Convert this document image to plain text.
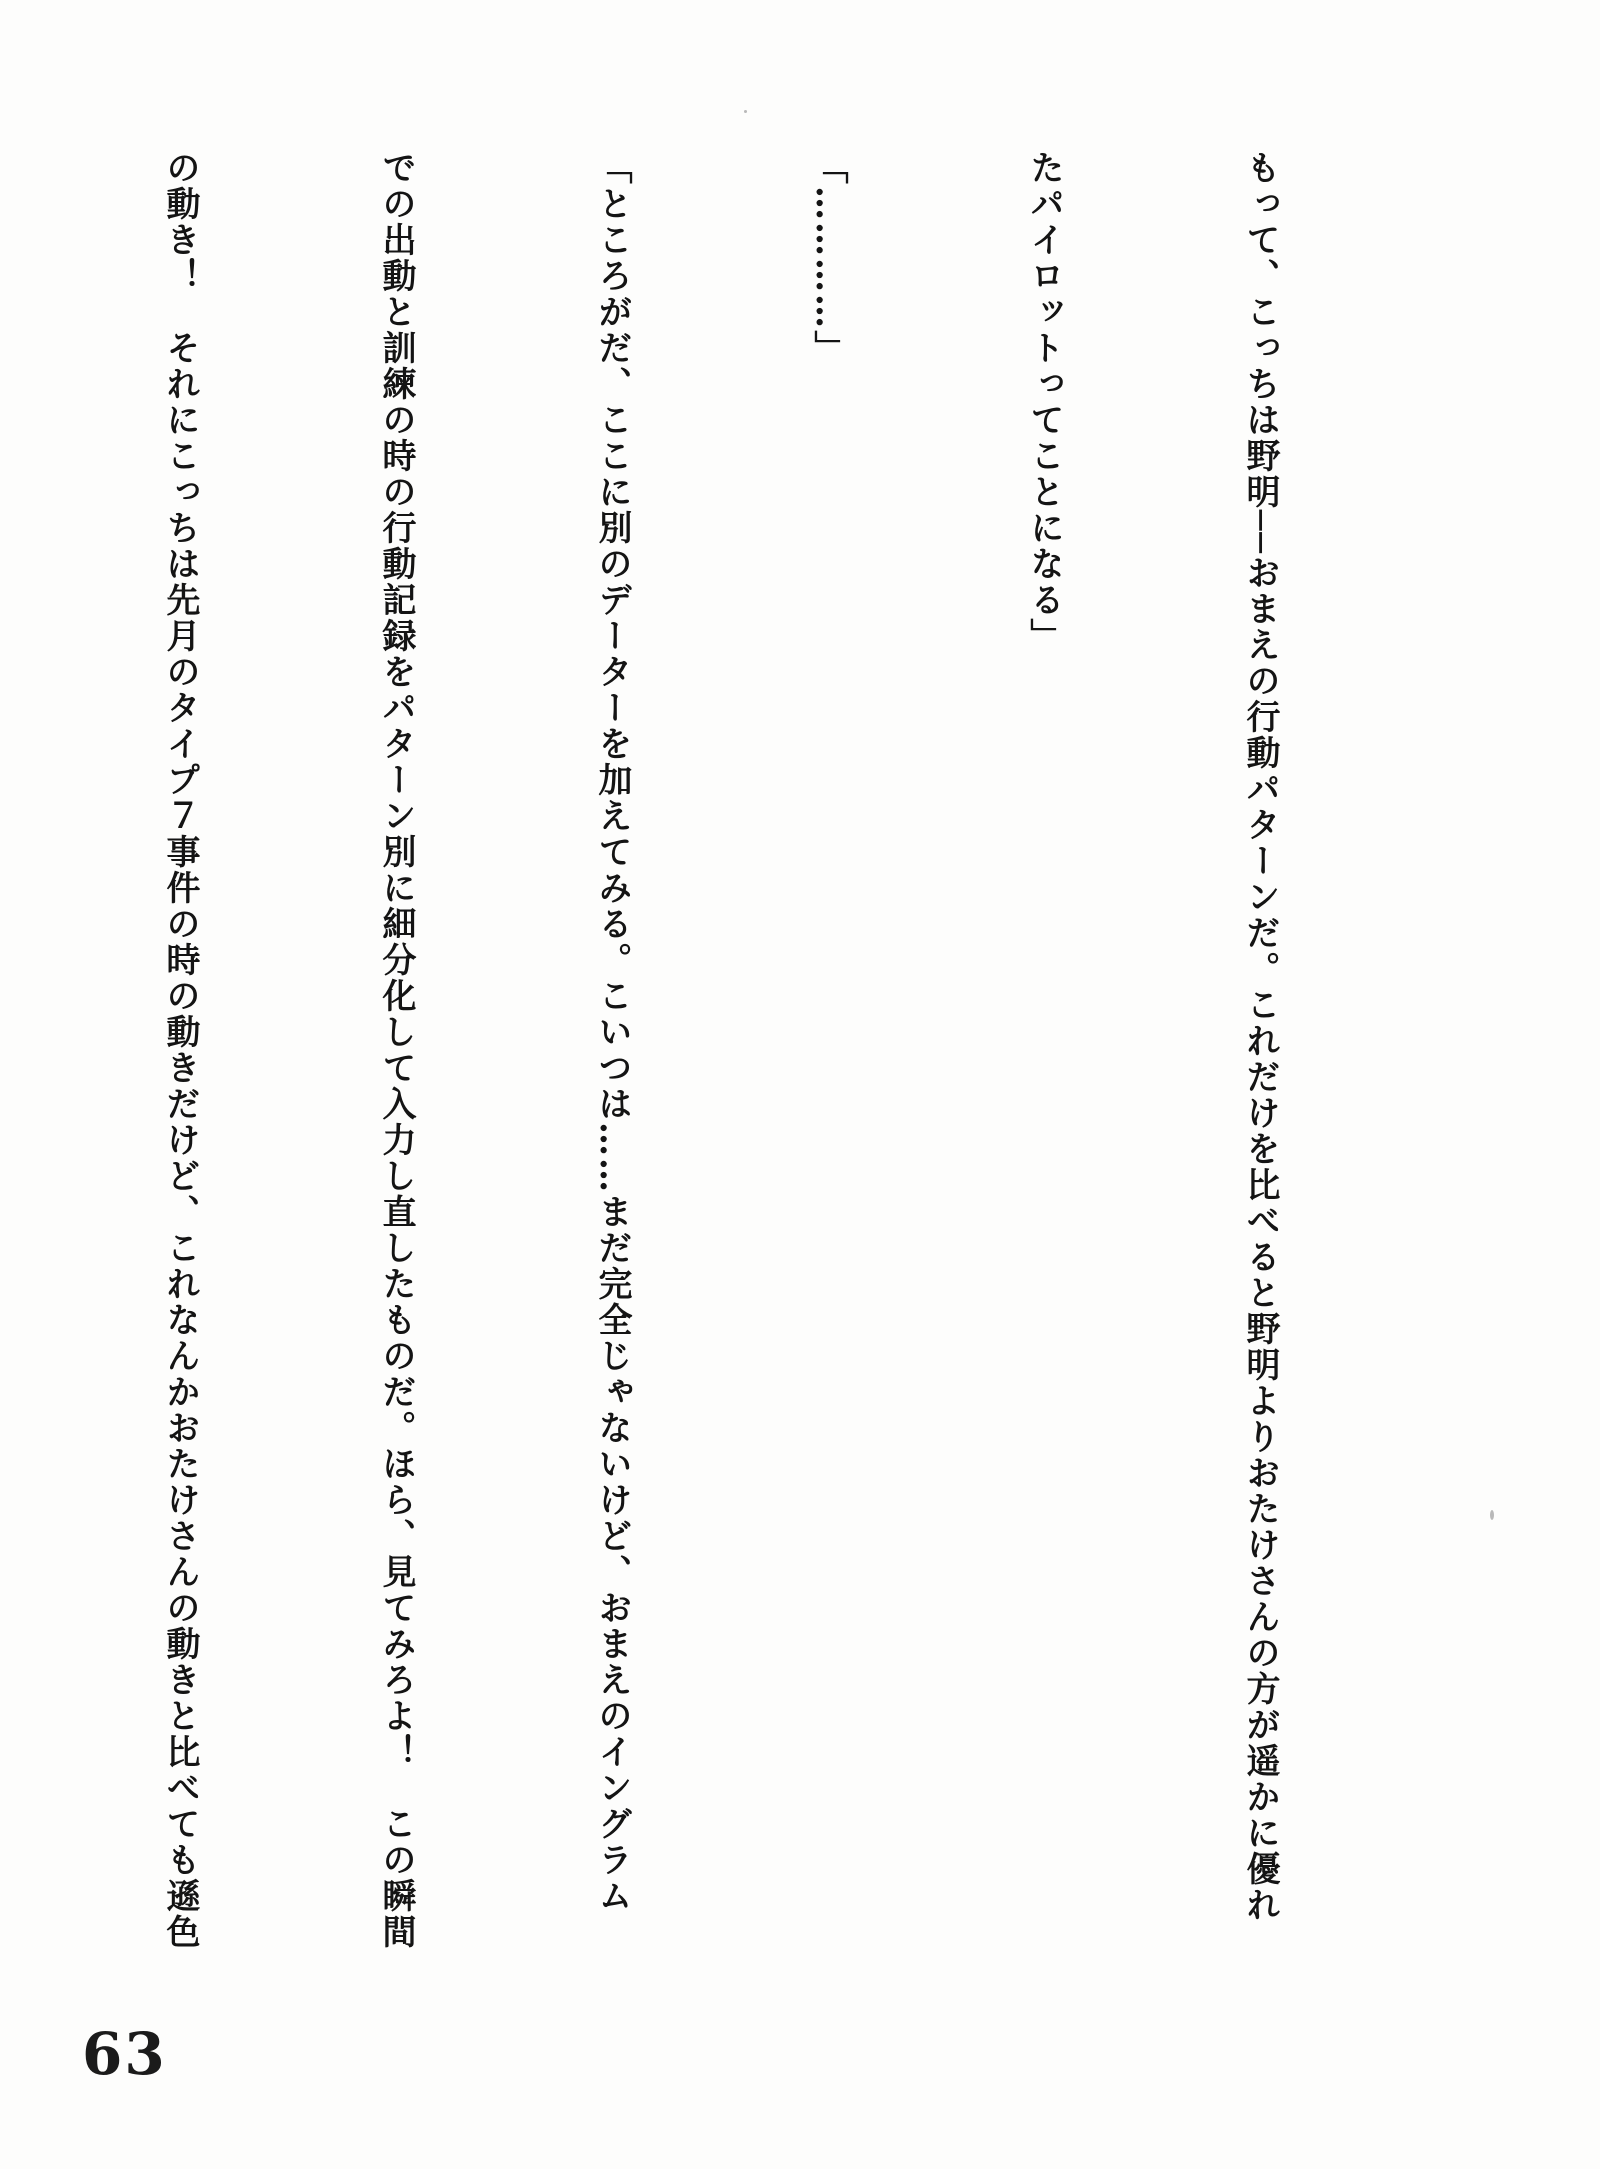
もって、こっちは野明──おまえの行動パターンだ。これだけを比べると野明よりおたけさんの方が遥かに優れ

たパイロットってことになる」

「…………」

「ところがだ、ここに別のデーターを加えてみる。こいつは……まだ完全じゃないけど、おまえのイングラム

での出動と訓練の時の行動記録をパターン別に細分化して入力し直したものだ。ほら、見てみろよ！　この瞬間

の動き！　それにこっちは先月のタイプ７事件の時の動きだけど、これなんかおたけさんの動きと比べても遜色

63
